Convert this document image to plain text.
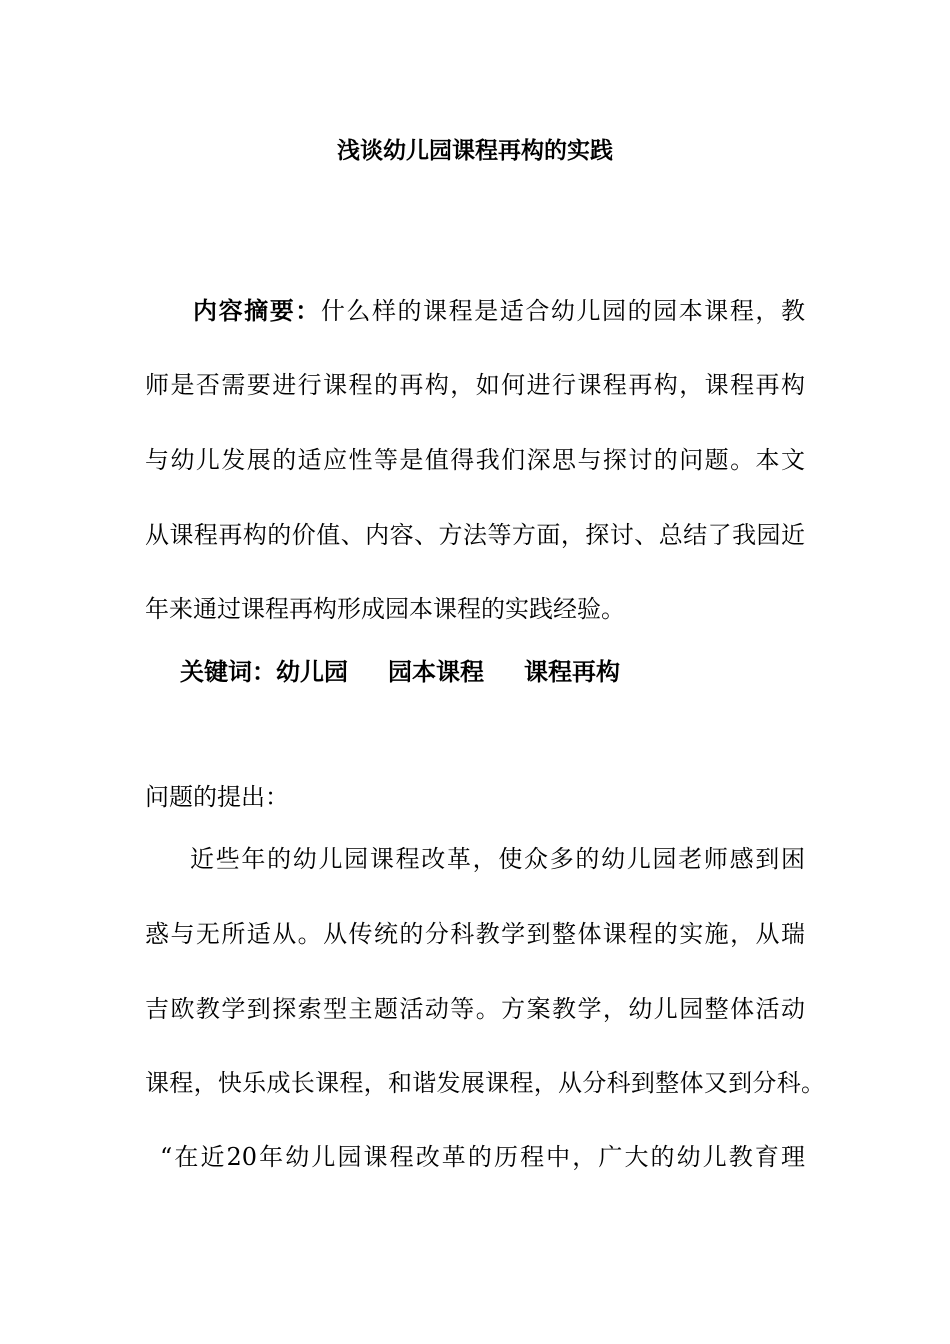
浅谈幼儿园课程再构的实践
内容摘要：什么样的课程是适合幼儿园的园本课程，教
师是否需要进行课程的再构，如何进行课程再构，课程再构
与幼儿发展的适应性等是值得我们深思与探讨的问题。本文
从课程再构的价值、内容、方法等方面，探讨、总结了我园近
年来通过课程再构形成园本课程的实践经验。
关键词：幼儿园 园本课程 课程再构
问题的提出：
近些年的幼儿园课程改革，使众多的幼儿园老师感到困
惑与无所适从。从传统的分科教学到整体课程的实施，从瑞
吉欧教学到探索型主题活动等。方案教学，幼儿园整体活动
课程，快乐成长课程，和谐发展课程，从分科到整体又到分科。
“在近20年幼儿园课程改革的历程中，广大的幼儿教育理
